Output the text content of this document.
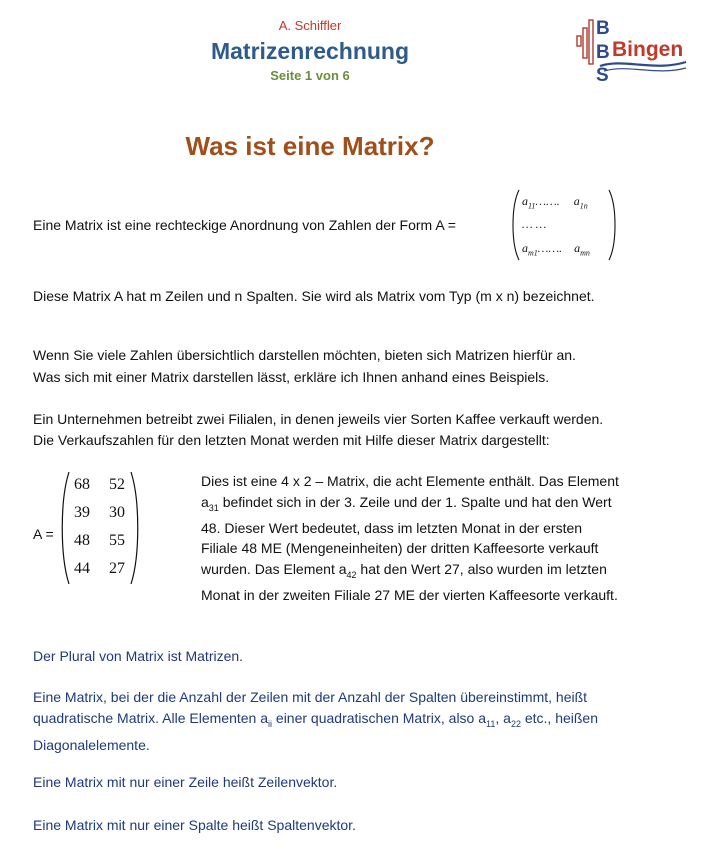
A. Schiffler
Matrizenrechnung
Seite 1 von 6
B
B
S
Bingen
Was ist eine Matrix?

Eine Matrix ist eine rechteckige Anordnung von Zahlen der Form A =

$a_{11}\dots\dots$. $a_{1n}$
… …
$a_{m1}\dots\dots$. $a_{mn}$

Diese Matrix A hat m Zeilen und n Spalten. Sie wird als Matrix vom Typ (m x n) bezeichnet.

Wenn Sie viele Zahlen übersichtlich darstellen möchten, bieten sich Matrizen hierfür an.

Was sich mit einer Matrix darstellen lässt, erkläre ich Ihnen anhand eines Beispiels.

Ein Unternehmen betreibt zwei Filialen, in denen jeweils vier Sorten Kaffee verkauft werden.

Die Verkaufszahlen für den letzten Monat werden mit Hilfe dieser Matrix dargestellt:

A =
68	52
39	30
48	55
44	27
Dies ist eine 4 x 2 – Matrix, die acht Elemente enthält. Das Element
$a_{31}$ befindet sich in der 3. Zeile und der 1. Spalte und hat den Wert
48. Dieser Wert bedeutet, dass im letzten Monat in der ersten
Filiale 48 ME (Mengeneinheiten) der dritten Kaffeesorte verkauft
wurden. Das Element $a_{42}$ hat den Wert 27, also wurden im letzten
Monat in der zweiten Filiale 27 ME der vierten Kaffeesorte verkauft.

Der Plural von Matrix ist Matrizen.

Eine Matrix, bei der die Anzahl der Zeilen mit der Anzahl der Spalten übereinstimmt, heißt
quadratische Matrix. Alle Elementen $a_{ii}$ einer quadratischen Matrix, also $a_{11}$, $a_{22}$ etc., heißen
Diagonalelemente.

Eine Matrix mit nur einer Zeile heißt Zeilenvektor.

Eine Matrix mit nur einer Spalte heißt Spaltenvektor.
